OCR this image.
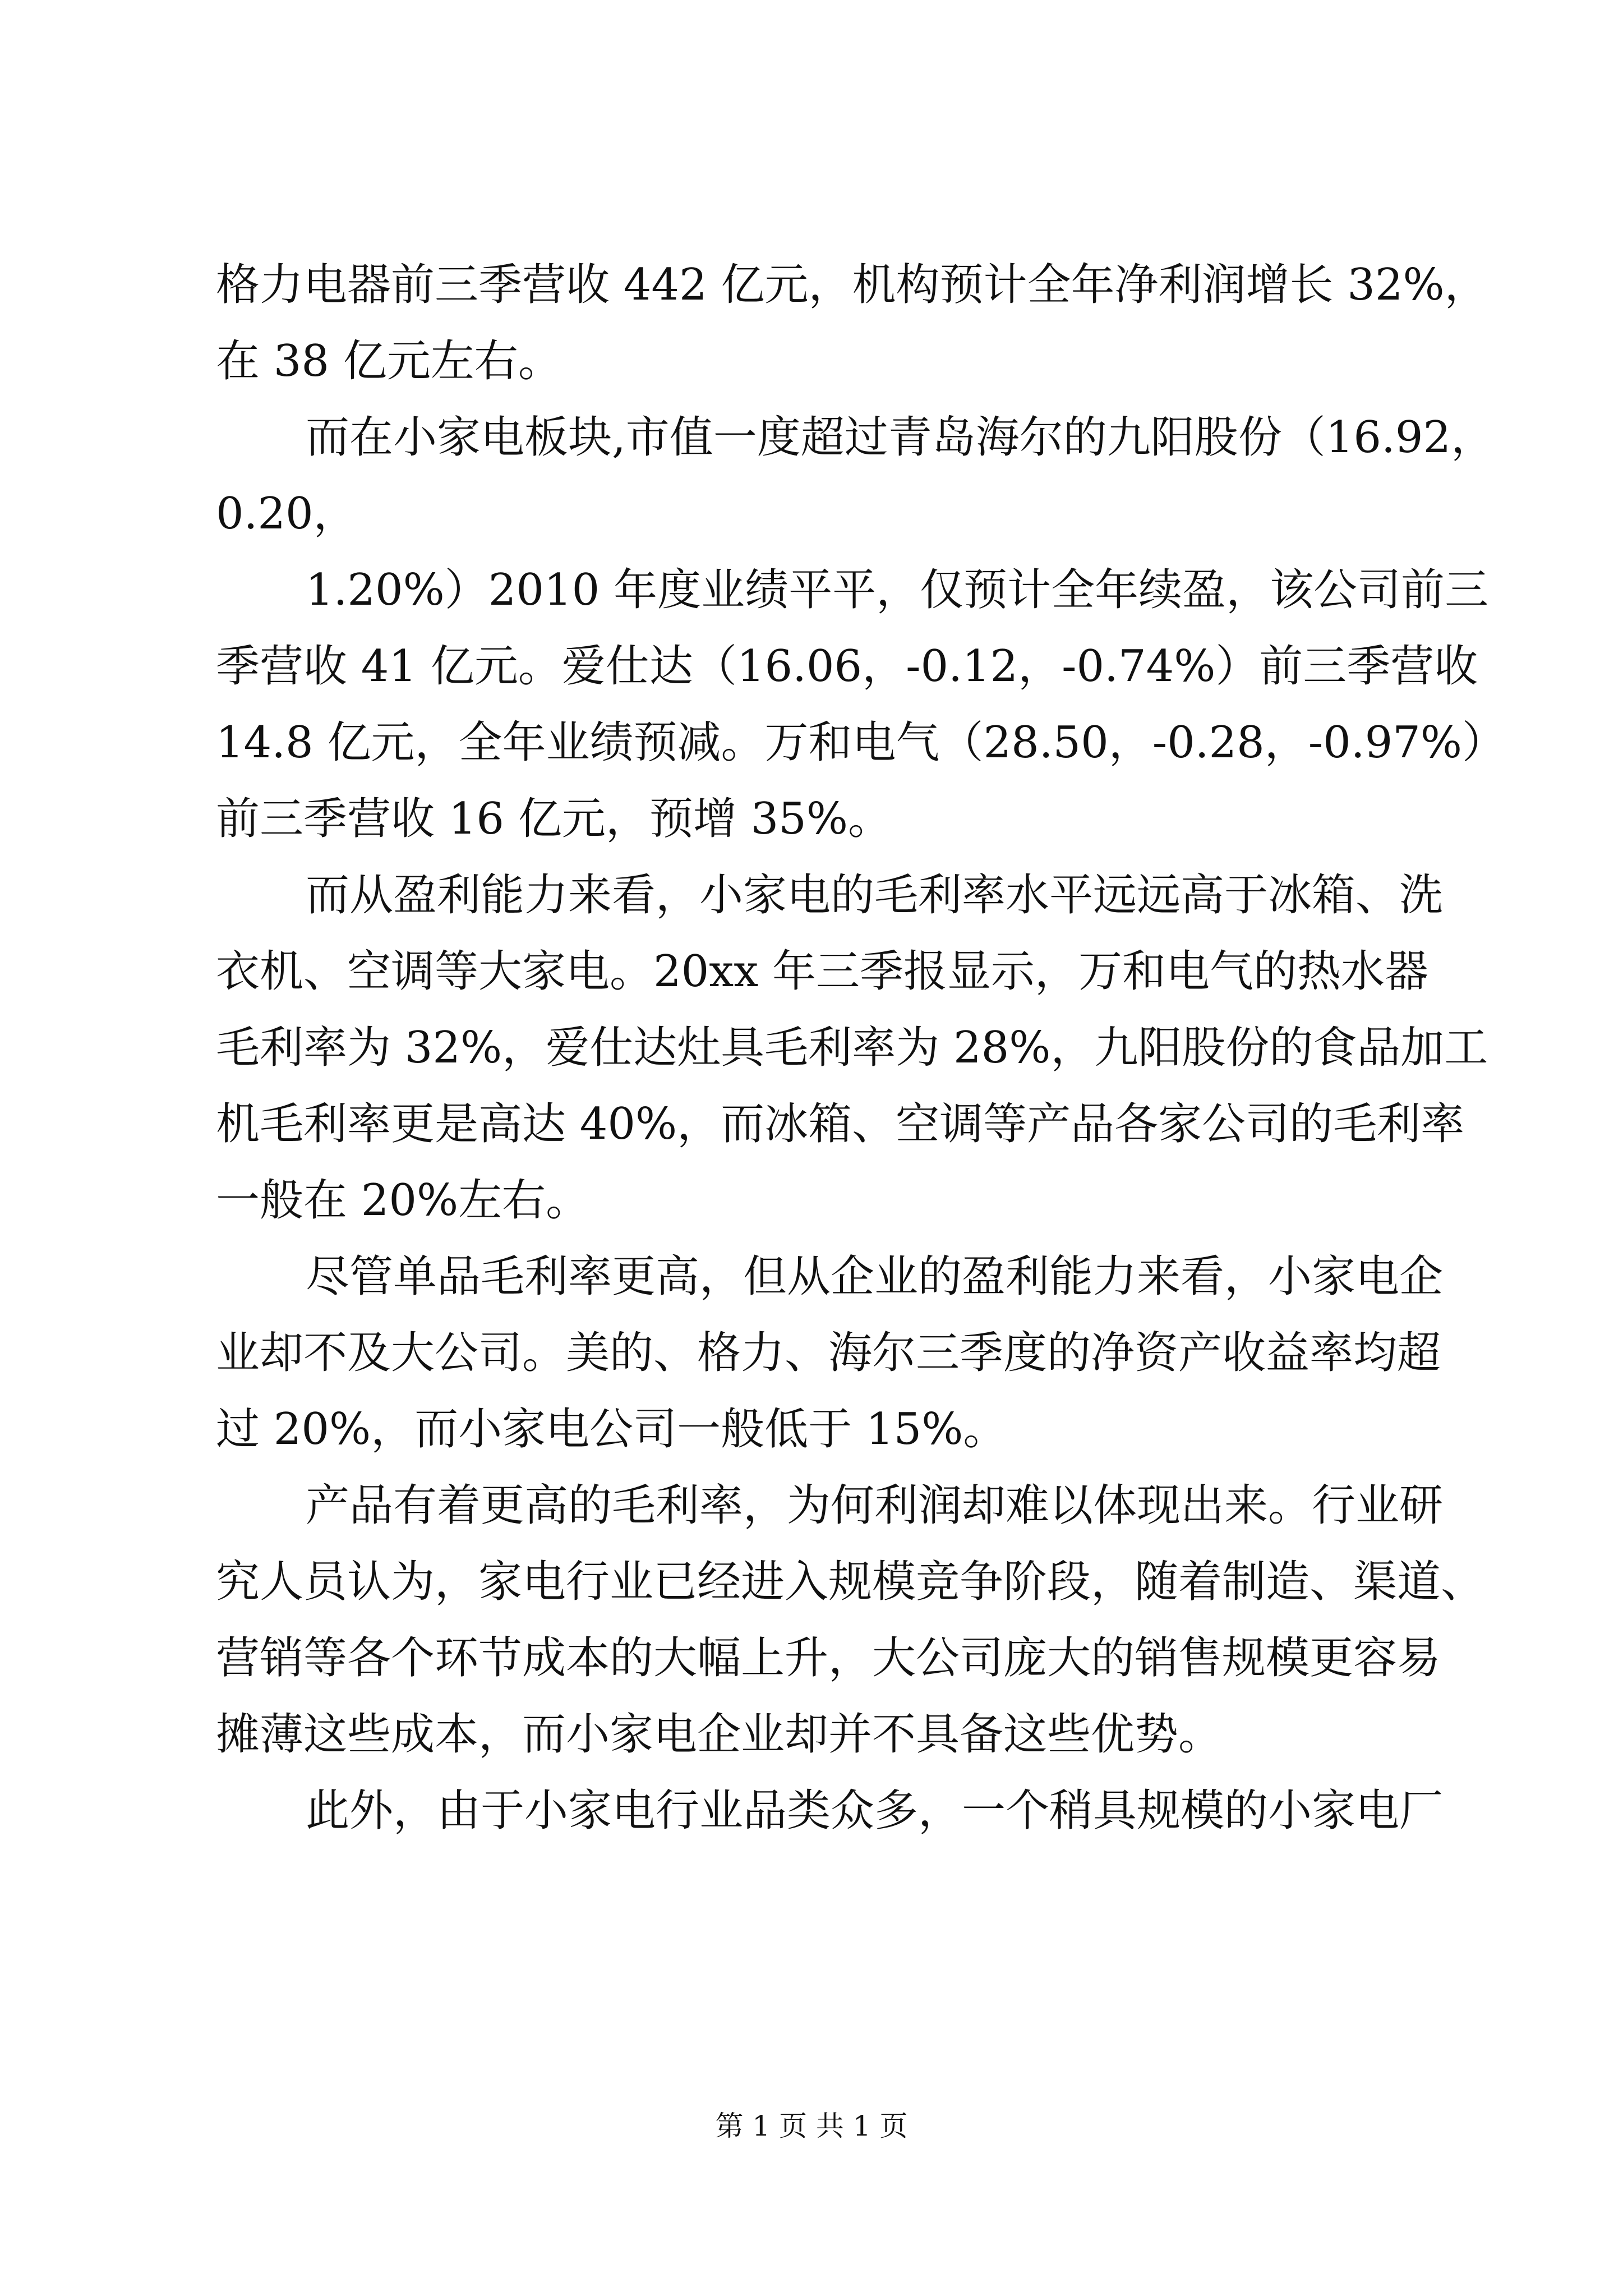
格力电器前三季营收 442 亿元，机构预计全年净利润增长 32%，
在 38 亿元左右。
而在小家电板块,市值一度超过青岛海尔的九阳股份（16.92，
0.20，
1.20%）2010 年度业绩平平，仅预计全年续盈，该公司前三
季营收 41 亿元。爱仕达（16.06，-0.12，-0.74%）前三季营收
14.8 亿元，全年业绩预减。万和电气（28.50，-0.28，-0.97%）
前三季营收 16 亿元，预增 35%。
而从盈利能力来看，小家电的毛利率水平远远高于冰箱、洗
衣机、空调等大家电。20xx 年三季报显示，万和电气的热水器
毛利率为 32%，爱仕达灶具毛利率为 28%，九阳股份的食品加工
机毛利率更是高达 40%，而冰箱、空调等产品各家公司的毛利率
一般在 20%左右。
尽管单品毛利率更高，但从企业的盈利能力来看，小家电企
业却不及大公司。美的、格力、海尔三季度的净资产收益率均超
过 20%，而小家电公司一般低于 15%。
产品有着更高的毛利率，为何利润却难以体现出来。行业研
究人员认为，家电行业已经进入规模竞争阶段，随着制造、渠道、
营销等各个环节成本的大幅上升，大公司庞大的销售规模更容易
摊薄这些成本，而小家电企业却并不具备这些优势。
此外，由于小家电行业品类众多，一个稍具规模的小家电厂
第 1 页 共 1 页
